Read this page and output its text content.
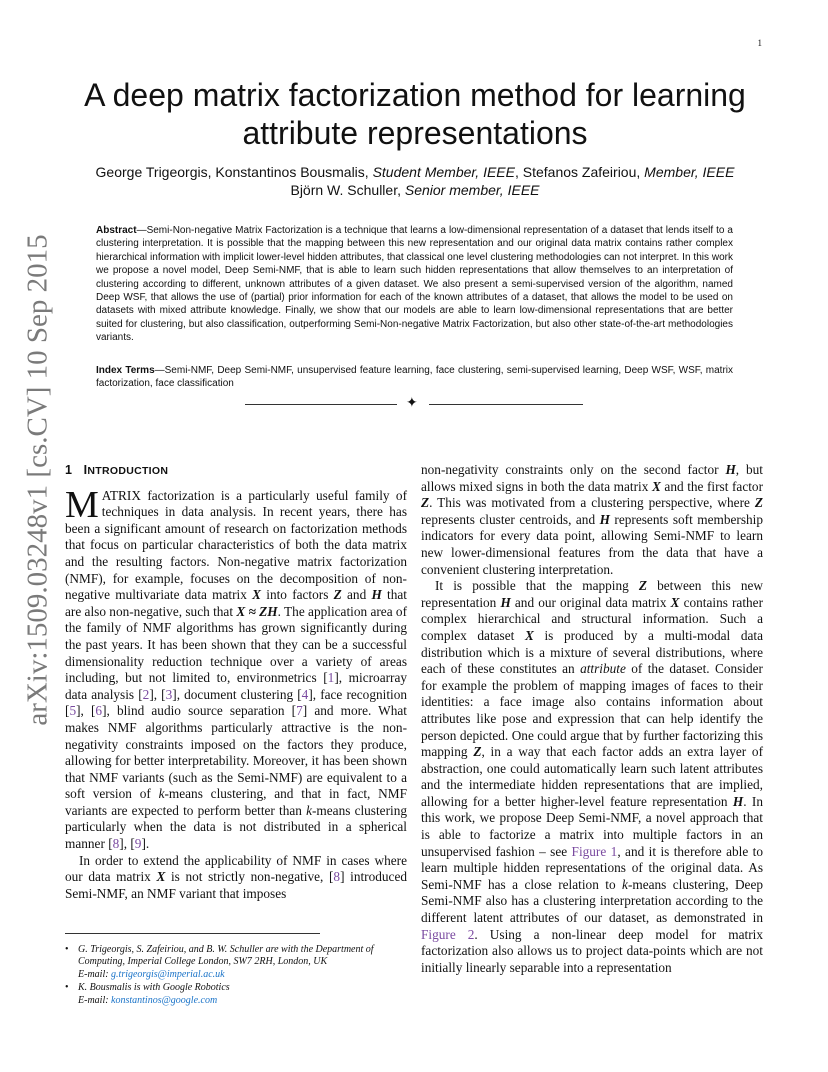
1
arXiv:1509.03248v1 [cs.CV] 10 Sep 2015
A deep matrix factorization method for learning attribute representations
George Trigeorgis, Konstantinos Bousmalis, Student Member, IEEE, Stefanos Zafeiriou, Member, IEEE
Björn W. Schuller, Senior member, IEEE
Abstract—Semi-Non-negative Matrix Factorization is a technique that learns a low-dimensional representation of a dataset that lends itself to a clustering interpretation. It is possible that the mapping between this new representation and our original data matrix contains rather complex hierarchical information with implicit lower-level hidden attributes, that classical one level clustering methodologies can not interpret. In this work we propose a novel model, Deep Semi-NMF, that is able to learn such hidden representations that allow themselves to an interpretation of clustering according to different, unknown attributes of a given dataset. We also present a semi-supervised version of the algorithm, named Deep WSF, that allows the use of (partial) prior information for each of the known attributes of a dataset, that allows the model to be used on datasets with mixed attribute knowledge. Finally, we show that our models are able to learn low-dimensional representations that are better suited for clustering, but also classification, outperforming Semi-Non-negative Matrix Factorization, but also other state-of-the-art methodologies variants.
Index Terms—Semi-NMF, Deep Semi-NMF, unsupervised feature learning, face clustering, semi-supervised learning, Deep WSF, WSF, matrix factorization, face classification
✦
1 INTRODUCTION

MATRIX factorization is a particularly useful family of techniques in data analysis. In recent years, there has been a significant amount of research on factorization methods that focus on particular characteristics of both the data matrix and the resulting factors. Non-negative matrix factorization (NMF), for example, focuses on the decomposition of non-negative multivariate data matrix X into factors Z and H that are also non-negative, such that X ≈ ZH. The application area of the family of NMF algorithms has grown significantly during the past years. It has been shown that they can be a successful dimensionality reduction technique over a variety of areas including, but not limited to, environmetrics [1], microarray data analysis [2], [3], document clustering [4], face recognition [5], [6], blind audio source separation [7] and more. What makes NMF algorithms particularly attractive is the non-negativity constraints imposed on the factors they produce, allowing for better interpretability. Moreover, it has been shown that NMF variants (such as the Semi-NMF) are equivalent to a soft version of k-means clustering, and that in fact, NMF variants are expected to perform better than k-means clustering particularly when the data is not distributed in a spherical manner [8], [9].

In order to extend the applicability of NMF in cases where our data matrix X is not strictly non-negative, [8] introduced Semi-NMF, an NMF variant that imposes

non-negativity constraints only on the second factor H, but allows mixed signs in both the data matrix X and the first factor Z. This was motivated from a clustering perspective, where Z represents cluster centroids, and H represents soft membership indicators for every data point, allowing Semi-NMF to learn new lower-dimensional features from the data that have a convenient clustering interpretation.

It is possible that the mapping Z between this new representation H and our original data matrix X contains rather complex hierarchical and structural information. Such a complex dataset X is produced by a multi-modal data distribution which is a mixture of several distributions, where each of these constitutes an attribute of the dataset. Consider for example the problem of mapping images of faces to their identities: a face image also contains information about attributes like pose and expression that can help identify the person depicted. One could argue that by further factorizing this mapping Z, in a way that each factor adds an extra layer of abstraction, one could automatically learn such latent attributes and the intermediate hidden representations that are implied, allowing for a better higher-level feature representation H. In this work, we propose Deep Semi-NMF, a novel approach that is able to factorize a matrix into multiple factors in an unsupervised fashion – see Figure 1, and it is therefore able to learn multiple hidden representations of the original data. As Semi-NMF has a close relation to k-means clustering, Deep Semi-NMF also has a clustering interpretation according to the different latent attributes of our dataset, as demonstrated in Figure 2. Using a non-linear deep model for matrix factorization also allows us to project data-points which are not initially linearly separable into a representation

• G. Trigeorgis, S. Zafeiriou, and B. W. Schuller are with the Department of Computing, Imperial College London, SW7 2RH, London, UK
E-mail: g.trigeorgis@imperial.ac.uk
• K. Bousmalis is with Google Robotics
E-mail: konstantinos@google.com
